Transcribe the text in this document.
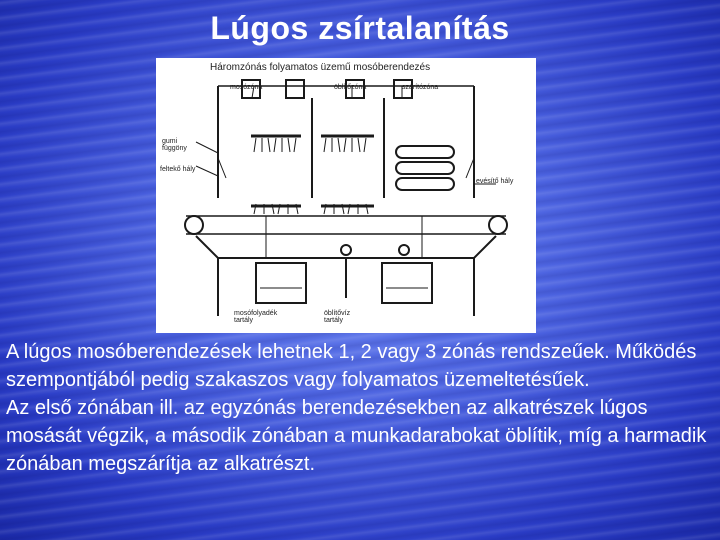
Lúgos zsírtalanítás
Háromzónás folyamatos üzemű mosóberendezés
mosózóna	öblítőzóna	szárítózóna
gumi függöny
feltekő hály
evésítő hály
mosófolyadék tartály
öblítővíz tartály

A lúgos mosóberendezések lehetnek 1, 2 vagy 3 zónás rendszeűek. Működés szempontjából pedig szakaszos vagy folyamatos üzemeltetésűek.

Az első zónában ill. az egyzónás berendezésekben az alkatrészek lúgos mosását végzik, a második zónában a munkadarabokat öblítik, míg a harmadik zónában megszárítja az alkatrészt.
